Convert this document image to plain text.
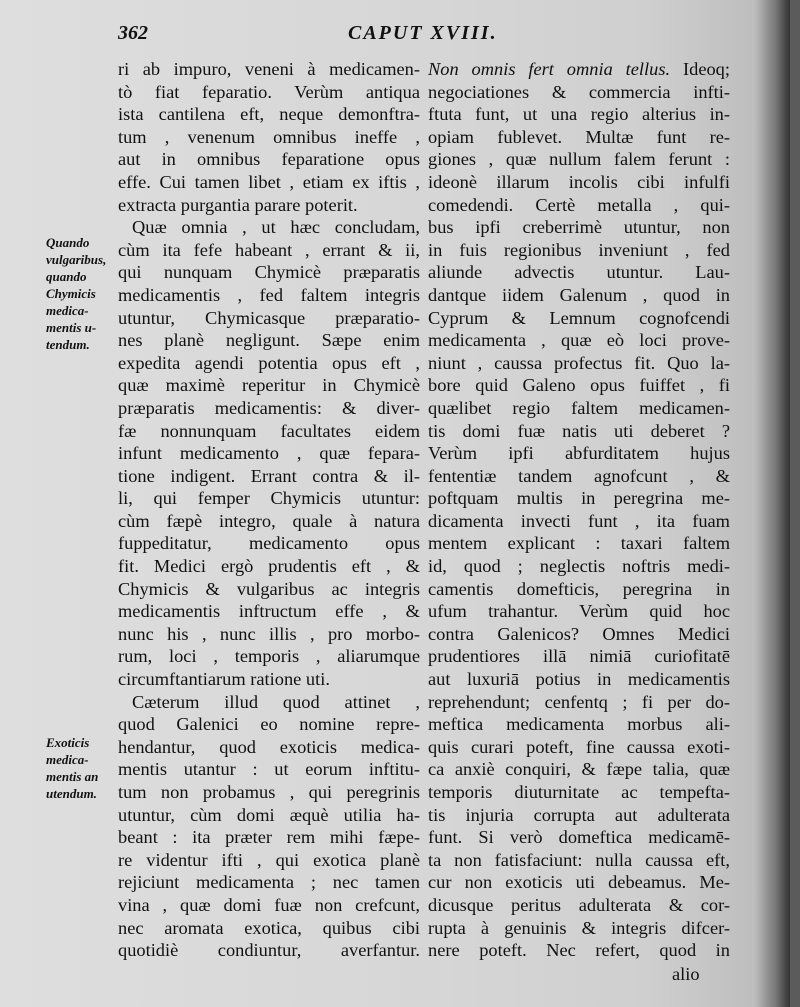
362	CAPUT XVIII.
Quando
vulgaribus,
quando
Chymicis
medica-
mentis u-
tendum.
Exoticis
medica-
mentis an
utendum.
ri ab impuro, veneni à medicamen-
tò fiat feparatio. Verùm antiqua
ista cantilena eft, neque demonftra-
tum , venenum omnibus ineffe ,
aut in omnibus feparatione opus
effe. Cui tamen libet , etiam ex iftis ,
extracta purgantia parare poterit.
Quæ omnia , ut hæc concludam,
cùm ita fefe habeant , errant & ii,
qui nunquam Chymicè præparatis
medicamentis , fed faltem integris
utuntur, Chymicasque præparatio-
nes planè negligunt. Sæpe enim
expedita agendi potentia opus eft ,
quæ maximè reperitur in Chymicè
præparatis medicamentis: & diver-
fæ nonnunquam facultates eidem
infunt medicamento , quæ fepara-
tione indigent. Errant contra & il-
li, qui femper Chymicis utuntur:
cùm fæpè integro, quale à natura
fuppeditatur, medicamento opus
fit. Medici ergò prudentis eft , &
Chymicis & vulgaribus ac integris
medicamentis inftructum effe , &
nunc his , nunc illis , pro morbo-
rum, loci , temporis , aliarumque
circumftantiarum ratione uti.
Cæterum illud quod attinet ,
quod Galenici eo nomine repre-
hendantur, quod exoticis medica-
mentis utantur : ut eorum inftitu-
tum non probamus , qui peregrinis
utuntur, cùm domi æquè utilia ha-
beant : ita præter rem mihi fæpe-
re videntur ifti , qui exotica planè
rejiciunt medicamenta ; nec tamen
vina , quæ domi fuæ non crefcunt,
nec aromata exotica, quibus cibi
quotidiè condiuntur, averfantur.
Non omnis fert omnia tellus. Ideoq;
negociationes & commercia infti-
ftuta funt, ut una regio alterius in-
opiam fublevet. Multæ funt re-
giones , quæ nullum falem ferunt :
ideonè illarum incolis cibi infulfi
comedendi. Certè metalla , qui-
bus ipfi creberrimè utuntur, non
in fuis regionibus inveniunt , fed
aliunde advectis utuntur. Lau-
dantque iidem Galenum , quod in
Cyprum & Lemnum cognofcendi
medicamenta , quæ eò loci prove-
niunt , caussa profectus fit. Quo la-
bore quid Galeno opus fuiffet , fi
quælibet regio faltem medicamen-
tis domi fuæ natis uti deberet ?
Verùm ipfi abfurditatem hujus
fententiæ tandem agnofcunt , &
poftquam multis in peregrina me-
dicamenta invecti funt , ita fuam
mentem explicant : taxari faltem
id, quod ; neglectis noftris medi-
camentis domefticis, peregrina in
ufum trahantur. Verùm quid hoc
contra Galenicos? Omnes Medici
prudentiores illā nimiā curiofitatē
aut luxuriā potius in medicamentis
reprehendunt; cenfentq ; fi per do-
meftica medicamenta morbus ali-
quis curari poteft, fine caussa exoti-
ca anxiè conquiri, & fæpe talia, quæ
temporis diuturnitate ac tempefta-
tis injuria corrupta aut adulterata
funt. Si verò domeftica medicamē-
ta non fatisfaciunt: nulla caussa eft,
cur non exoticis uti debeamus. Me-
dicusque peritus adulterata & cor-
rupta à genuinis & integris difcer-
nere poteft. Nec refert, quod in
alio
